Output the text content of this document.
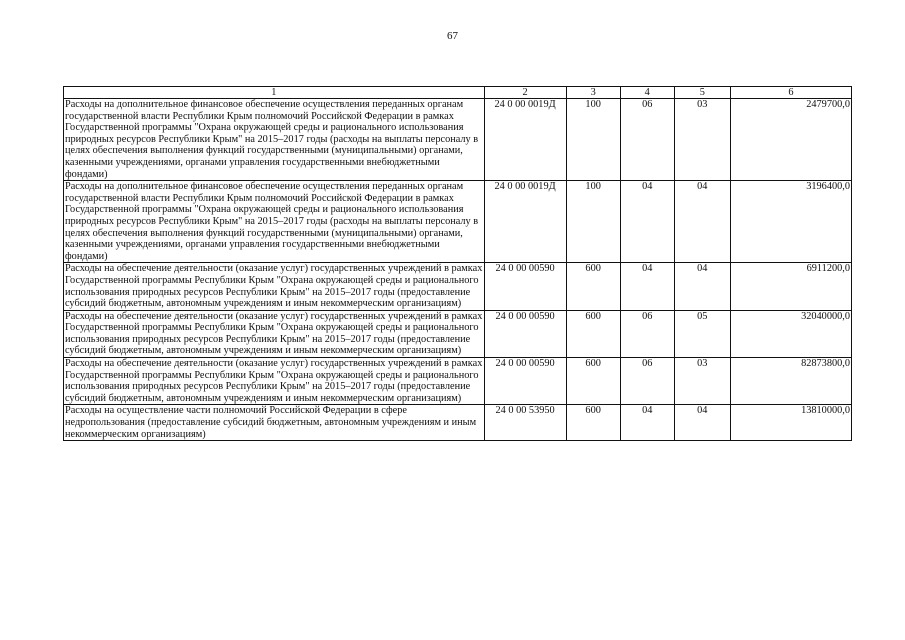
67
1	2	3	4	5	6
Расходы на дополнительное финансовое обеспечение осуществления переданных органам государственной власти Республики Крым полномочий Российской Федерации в рамках Государственной программы "Охрана окружающей среды и рационального использования природных ресурсов Республики Крым" на 2015–2017 годы (расходы на выплаты персоналу в целях обеспечения выполнения функций государственными (муниципальными) органами, казенными учреждениями, органами управления государственными внебюджетными фондами)	24 0 00 0019Д	100	06	03	2479700,0
Расходы на дополнительное финансовое обеспечение осуществления переданных органам государственной власти Республики Крым полномочий Российской Федерации в рамках Государственной программы "Охрана окружающей среды и рационального использования природных ресурсов Республики Крым" на 2015–2017 годы (расходы на выплаты персоналу в целях обеспечения выполнения функций государственными (муниципальными) органами, казенными учреждениями, органами управления государственными внебюджетными фондами)	24 0 00 0019Д	100	04	04	3196400,0
Расходы на обеспечение деятельности (оказание услуг) государственных учреждений в рамках Государственной программы Республики Крым "Охрана окружающей среды и рационального использования природных ресурсов Республики Крым" на 2015–2017 годы (предоставление субсидий бюджетным, автономным учреждениям и иным некоммерческим организациям)	24 0 00 00590	600	04	04	6911200,0
Расходы на обеспечение деятельности (оказание услуг) государственных учреждений в рамках Государственной программы Республики Крым "Охрана окружающей среды и рационального использования природных ресурсов Республики Крым" на 2015–2017 годы (предоставление субсидий бюджетным, автономным учреждениям и иным некоммерческим организациям)	24 0 00 00590	600	06	05	32040000,0
Расходы на обеспечение деятельности (оказание услуг) государственных учреждений в рамках Государственной программы Республики Крым "Охрана окружающей среды и рационального использования природных ресурсов Республики Крым" на 2015–2017 годы (предоставление субсидий бюджетным, автономным учреждениям и иным некоммерческим организациям)	24 0 00 00590	600	06	03	82873800,0
Расходы на осуществление части полномочий Российской Федерации в сфере недропользования (предоставление субсидий бюджетным, автономным учреждениям и иным некоммерческим организациям)	24 0 00 53950	600	04	04	13810000,0
